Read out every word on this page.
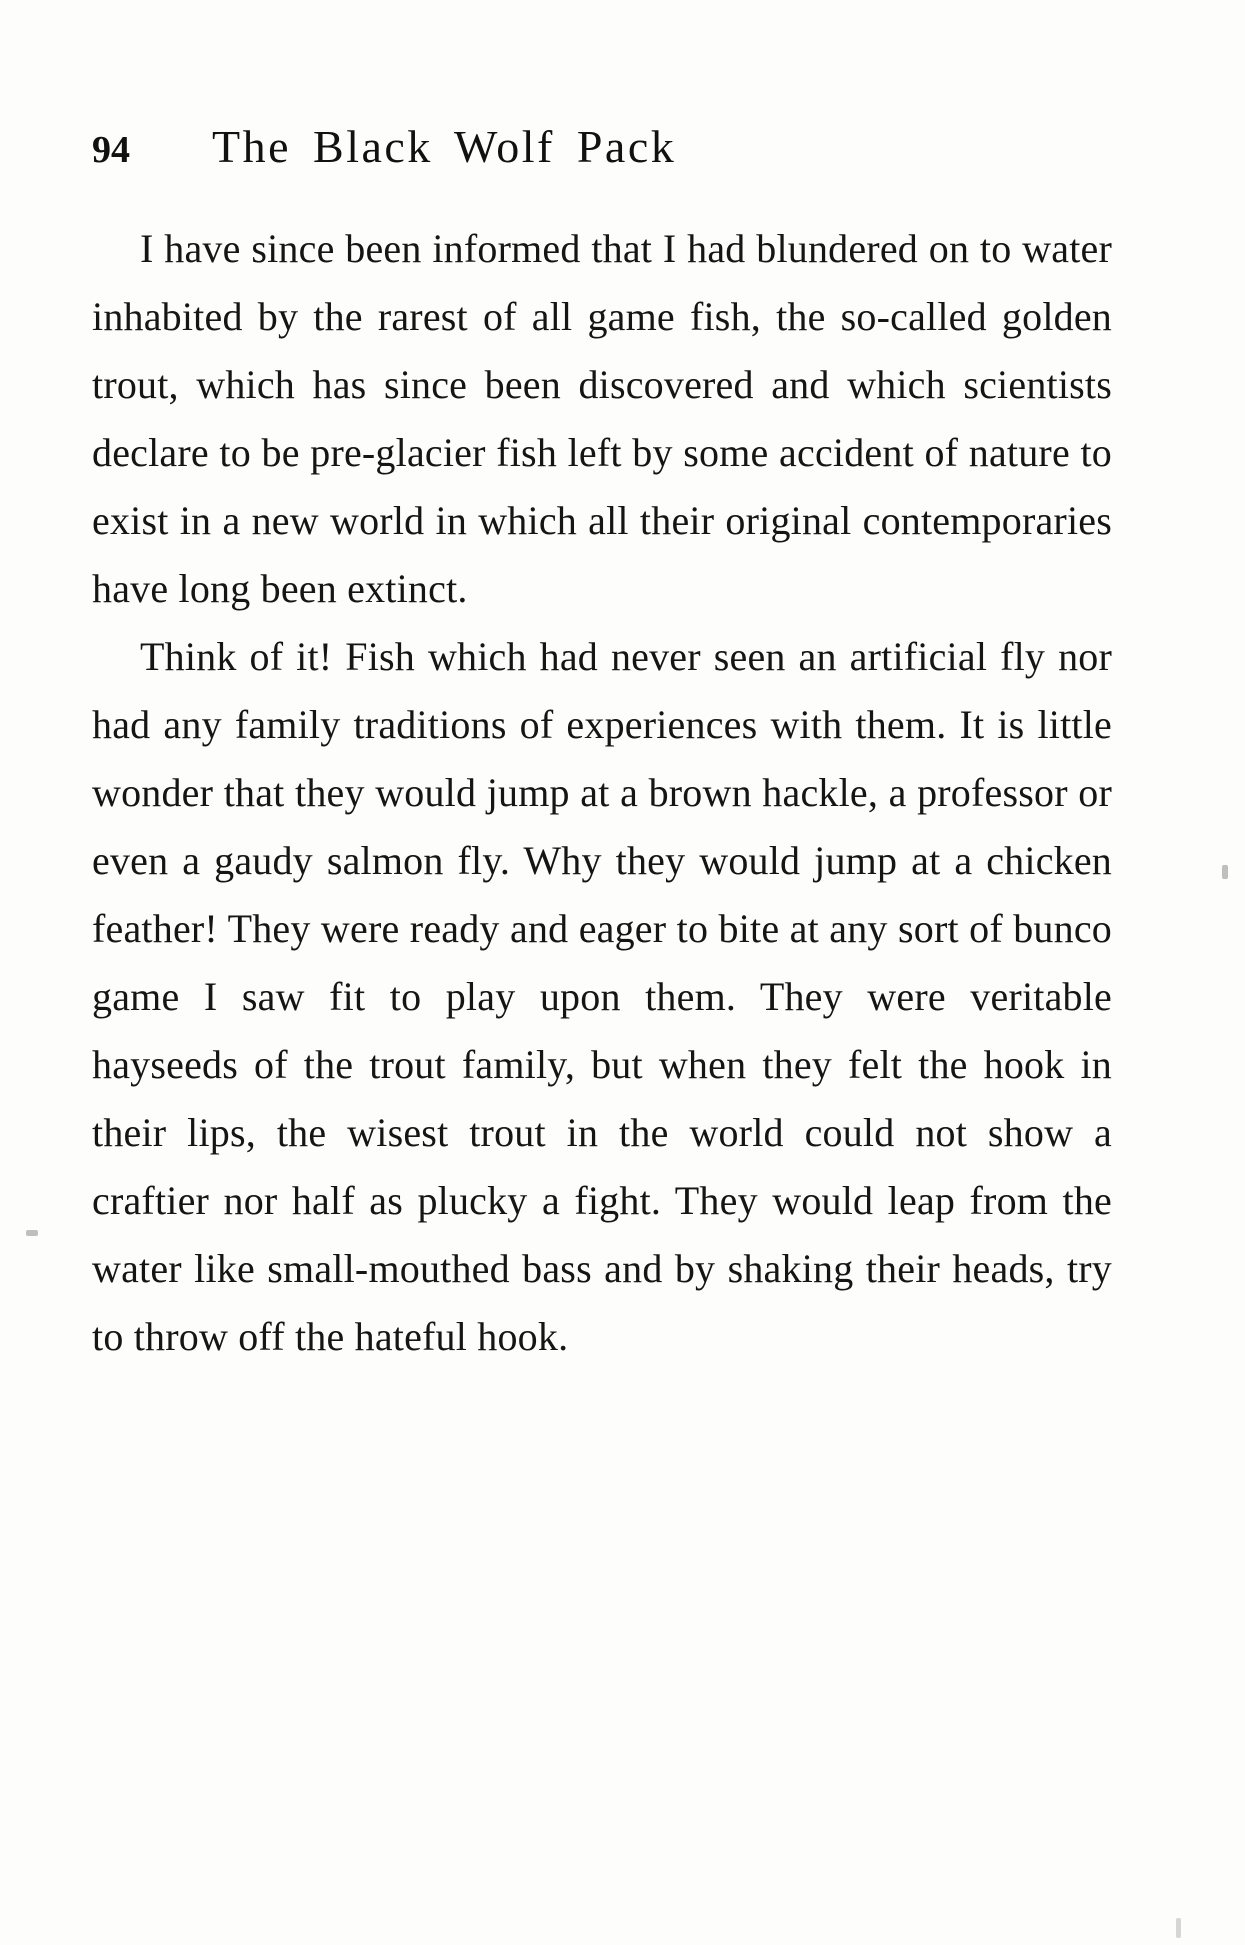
94	The Black Wolf Pack

I have since been informed that I had blundered on to water inhabited by the rarest of all game fish, the so-called golden trout, which has since been discovered and which scientists declare to be pre-glacier fish left by some accident of nature to exist in a new world in which all their original contemporaries have long been extinct.

Think of it! Fish which had never seen an artificial fly nor had any family traditions of experiences with them. It is little wonder that they would jump at a brown hackle, a professor or even a gaudy salmon fly. Why they would jump at a chicken feather! They were ready and eager to bite at any sort of bunco game I saw fit to play upon them. They were veritable hayseeds of the trout family, but when they felt the hook in their lips, the wisest trout in the world could not show a craftier nor half as plucky a fight. They would leap from the water like small-mouthed bass and by shaking their heads, try to throw off the hateful hook.
